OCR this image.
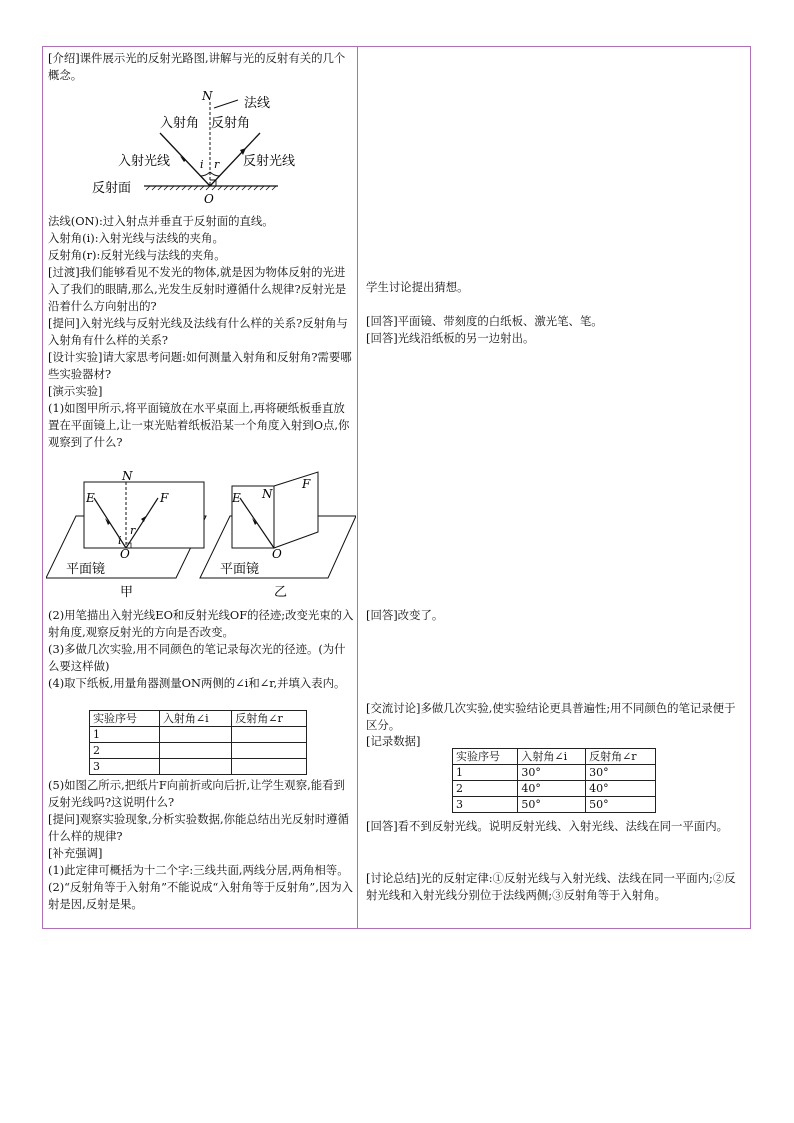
[介绍]课件展示光的反射光路图,讲解与光的反射有关的几个概念。

N 法线
入射角 反射角
入射光线	反射光线
i r
反射面
O

法线(ON):过入射点并垂直于反射面的直线。

入射角(i):入射光线与法线的夹角。

反射角(r):反射光线与法线的夹角。

[过渡]我们能够看见不发光的物体,就是因为物体反射的光进入了我们的眼睛,那么,光发生反射时遵循什么规律?反射光是沿着什么方向射出的?

[提问]入射光线与反射光线及法线有什么样的关系?反射角与入射角有什么样的关系?

[设计实验]请大家思考问题:如何测量入射角和反射角?需要哪些实验器材?

[演示实验]

(1)如图甲所示,将平面镜放在水平桌面上,再将硬纸板垂直放置在平面镜上,让一束光贴着纸板沿某一个角度入射到O点,你观察到了什么?

E
N
F
i
r
O
平面镜
甲
E N
F
O
平面镜
乙

(2)用笔描出入射光线EO和反射光线OF的径迹;改变光束的入射角度,观察反射光的方向是否改变。

(3)多做几次实验,用不同颜色的笔记录每次光的径迹。(为什么要这样做)

(4)取下纸板,用量角器测量ON两侧的∠i和∠r,并填入表内。

实验序号	入射角∠i	反射角∠r
1		
2		
3		

(5)如图乙所示,把纸片F向前折或向后折,让学生观察,能看到反射光线吗?这说明什么?

[提问]观察实验现象,分析实验数据,你能总结出光反射时遵循什么样的规律?

[补充强调]

(1)此定律可概括为十二个字:三线共面,两线分居,两角相等。

(2)“反射角等于入射角”不能说成“入射角等于反射角”,因为入射是因,反射是果。

学生讨论提出猜想。

[回答]平面镜、带刻度的白纸板、激光笔、笔。

[回答]光线沿纸板的另一边射出。

[回答]改变了。

[交流讨论]多做几次实验,使实验结论更具普遍性;用不同颜色的笔记录便于区分。

[记录数据]

实验序号	入射角∠i	反射角∠r
1	30°	30°
2	40°	40°
3	50°	50°

[回答]看不到反射光线。说明反射光线、入射光线、法线在同一平面内。

[讨论总结]光的反射定律:①反射光线与入射光线、法线在同一平面内;②反射光线和入射光线分别位于法线两侧;③反射角等于入射角。
